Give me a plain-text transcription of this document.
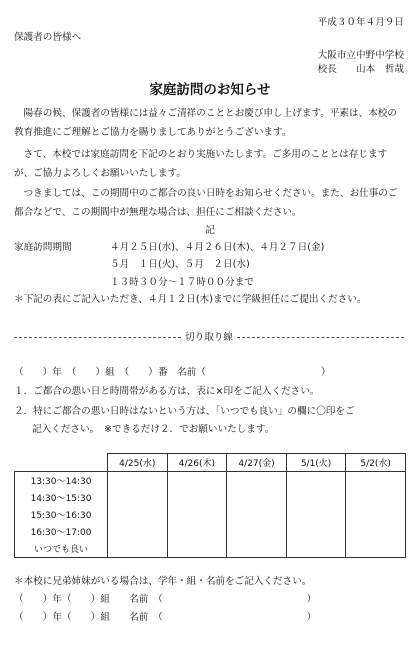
平成３０年４月９日
保護者の皆様へ
大阪市立中野中学校
校長　　山本　哲哉
家庭訪問のお知らせ
陽春の候、保護者の皆様には益々ご清祥のこととお慶び申し上げます。平素は、本校の教育推進にご理解とご協力を賜りましてありがとうございます。
さて、本校では家庭訪問を下記のとおり実施いたします。ご多用のこととは存じますが、ご協力よろしくお願いいたします。
つきましては、この期間中のご都合の良い日時をお知らせください。また、お仕事のご都合などで、この期間中が無理な場合は、担任にご相談ください。
記
家庭訪問期間	４月２５日(水)、４月２６日(木)、４月２７日(金)
５月　１日(火)、５月　２日(水)
１３時３０分～１７時００分まで
＊下記の表にご記入いただき、４月１２日(木)までに学級担任にご提出ください。
切り取り線
（　　）年　（　　）組　（　　）番　名前（　　　　　　　　　　　　）
１．ご都合の悪い日と時間帯がある方は、表に×印をご記入ください。
２．特にご都合の悪い日時はないという方は、「いつでも良い」の欄に〇印をご
記入ください。　※できるだけ２．でお願いいたします。
	4/25(水)	4/26(木)	4/27(金)	5/1(火)	5/2(水)
13:30～14:30					
14:30～15:30					
15:30～16:30					
16:30～17:00					
いつでも良い					
＊本校に兄弟姉妹がいる場合は、学年・組・名前をご記入ください。
（　　）年（　　）組　　名前　（　　　　　　　　　　　　　　　）
（　　）年（　　）組　　名前　（　　　　　　　　　　　　　　　）
